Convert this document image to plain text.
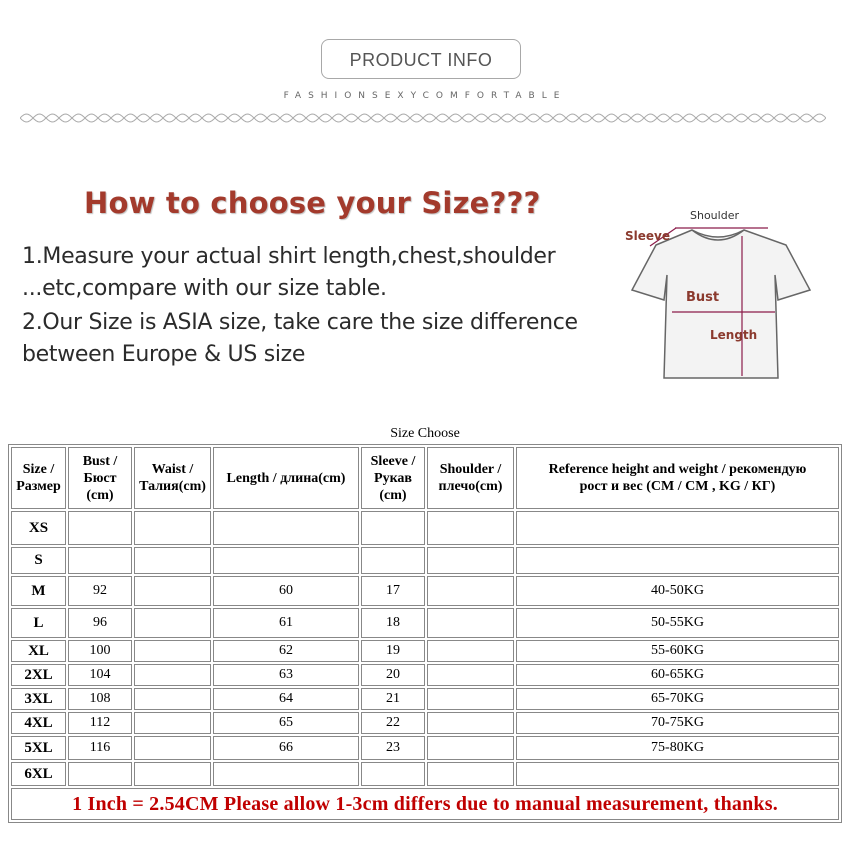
PRODUCT INFO
FASHIONSEXYCOMFORTABLE
How to choose your Size???
1.Measure your actual shirt length,chest,shoulder
...etc,compare with our size table.
2.Our Size is ASIA size, take care the size difference
between Europe & US size
Shoulder
Sleeve
Bust
Length
Size Choose
Size /
Размер	Bust /
Бюст
(cm)	Waist /
Талия(cm)	Length / длина(cm)	Sleeve /
Рукав
(cm)	Shoulder /
плечо(cm)	Reference height and weight / рекомендую
рост и вес (CM / CM , KG / КГ)
XS						
S						
M	92		60	17		40-50KG
L	96		61	18		50-55KG
XL	100		62	19		55-60KG
2XL	104		63	20		60-65KG
3XL	108		64	21		65-70KG
4XL	112		65	22		70-75KG
5XL	116		66	23		75-80KG
6XL						
1 Inch = 2.54CM Please allow 1-3cm differs due to manual measurement, thanks.						
